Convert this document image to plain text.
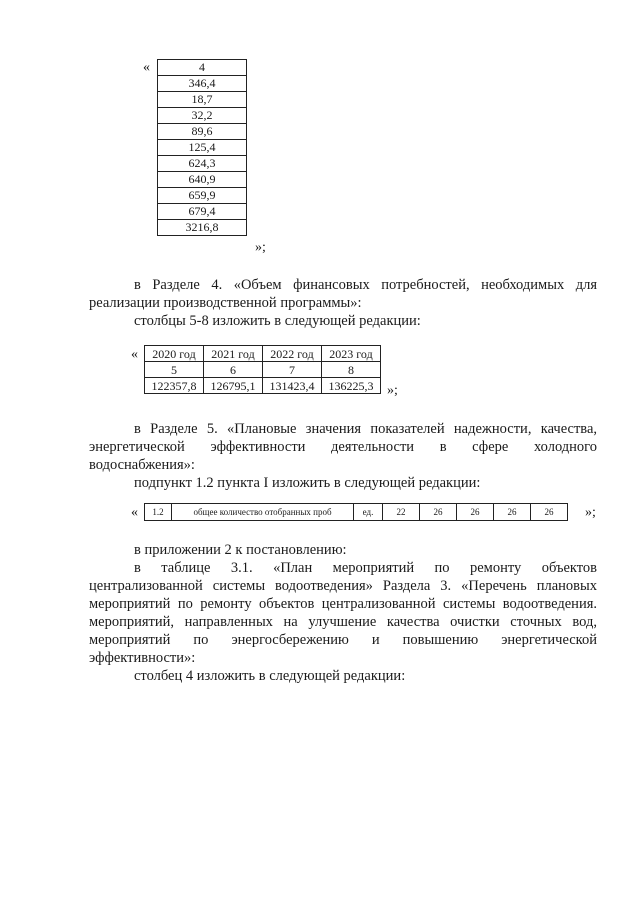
«	4
346,4
18,7
32,2
89,6
125,4
624,3
640,9
659,9
679,4
3216,8
»;
в Разделе 4. «Объем финансовых потребностей, необходимых для
реализации производственной программы»:
столбцы 5-8 изложить в следующей редакции:
« 2020 год	2021 год	2022 год	2023 год
5	6	7	8
122357,8	126795,1	131423,4	136225,3 »;
в Разделе 5. «Плановые значения показателей надежности, качества,
энергетической эффективности деятельности в сфере холодного
водоснабжения»:
подпункт 1.2 пункта I изложить в следующей редакции:
« 1.2	общее количество отобранных проб	ед.	22	26	26	26	26 »;
в приложении 2 к постановлению:
в таблице 3.1. «План мероприятий по ремонту объектов
централизованной системы водоотведения» Раздела 3. «Перечень плановых
мероприятий по ремонту объектов централизованной системы водоотведения.
мероприятий, направленных на улучшение качества очистки сточных вод,
мероприятий по энергосбережению и повышению энергетической
эффективности»:
столбец 4 изложить в следующей редакции:
